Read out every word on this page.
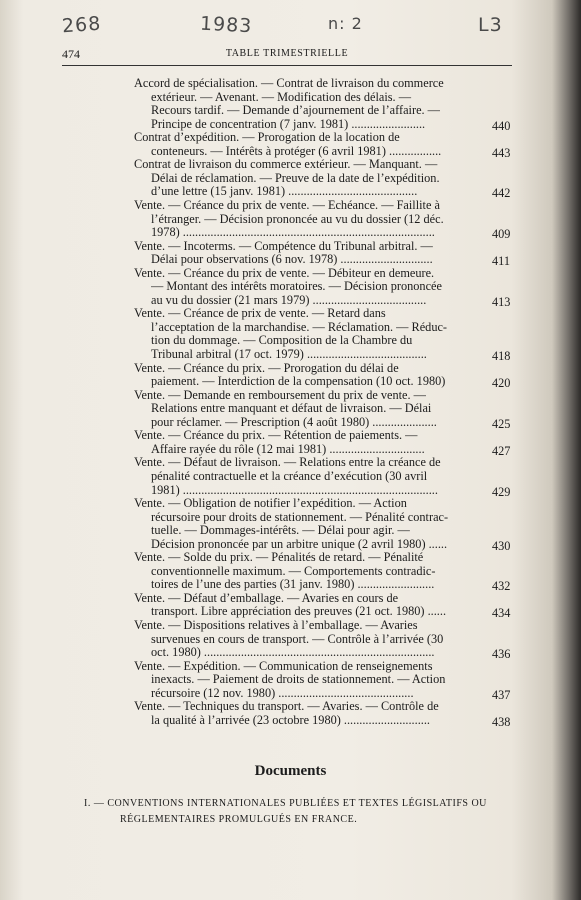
268	1983	n: 2	L3
474	TABLE TRIMESTRIELLE
Accord de spécialisation. — Contrat de livraison du commerce
extérieur. — Avenant. — Modification des délais. —
Recours tardif. — Demande d’ajournement de l’affaire. —
Principe de concentration (7 janv. 1981) ........................	440
Contrat d’expédition. — Prorogation de la location de
conteneurs. — Intérêts à protéger (6 avril 1981) .................	443
Contrat de livraison du commerce extérieur. — Manquant. —
Délai de réclamation. — Preuve de la date de l’expédition.
d’une lettre (15 janv. 1981) ..........................................	442
Vente. — Créance du prix de vente. — Echéance. — Faillite à
l’étranger. — Décision prononcée au vu du dossier (12 déc.
1978) ..................................................................................	409
Vente. — Incoterms. — Compétence du Tribunal arbitral. —
Délai pour observations (6 nov. 1978) ..............................	411
Vente. — Créance du prix de vente. — Débiteur en demeure.
— Montant des intérêts moratoires. — Décision prononcée
au vu du dossier (21 mars 1979) .....................................	413
Vente. — Créance de prix de vente. — Retard dans
l’acceptation de la marchandise. — Réclamation. — Réduc-
tion du dommage. — Composition de la Chambre du
Tribunal arbitral (17 oct. 1979) .......................................	418
Vente. — Créance du prix. — Prorogation du délai de
paiement. — Interdiction de la compensation (10 oct. 1980)	420
Vente. — Demande en remboursement du prix de vente. —
Relations entre manquant et défaut de livraison. — Délai
pour réclamer. — Prescription (4 août 1980) .....................	425
Vente. — Créance du prix. — Rétention de paiements. —
Affaire rayée du rôle (12 mai 1981) ...............................	427
Vente. — Défaut de livraison. — Relations entre la créance de
pénalité contractuelle et la créance d’exécution (30 avril
1981) ...................................................................................	429
Vente. — Obligation de notifier l’expédition. — Action
récursoire pour droits de stationnement. — Pénalité contrac-
tuelle. — Dommages-intérêts. — Délai pour agir. —
Décision prononcée par un arbitre unique (2 avril 1980) ......	430
Vente. — Solde du prix. — Pénalités de retard. — Pénalité
conventionnelle maximum. — Comportements contradic-
toires de l’une des parties (31 janv. 1980) .........................	432
Vente. — Défaut d’emballage. — Avaries en cours de
transport. Libre appréciation des preuves (21 oct. 1980) ......	434
Vente. — Dispositions relatives à l’emballage. — Avaries
survenues en cours de transport. — Contrôle à l’arrivée (30
oct. 1980) ...........................................................................	436
Vente. — Expédition. — Communication de renseignements
inexacts. — Paiement de droits de stationnement. — Action
récursoire (12 nov. 1980) ............................................	437
Vente. — Techniques du transport. — Avaries. — Contrôle de
la qualité à l’arrivée (23 octobre 1980) ............................	438
Documents
I. — CONVENTIONS INTERNATIONALES PUBLIÉES ET TEXTES LÉGISLATIFS OU
RÉGLEMENTAIRES PROMULGUÉS EN FRANCE.
